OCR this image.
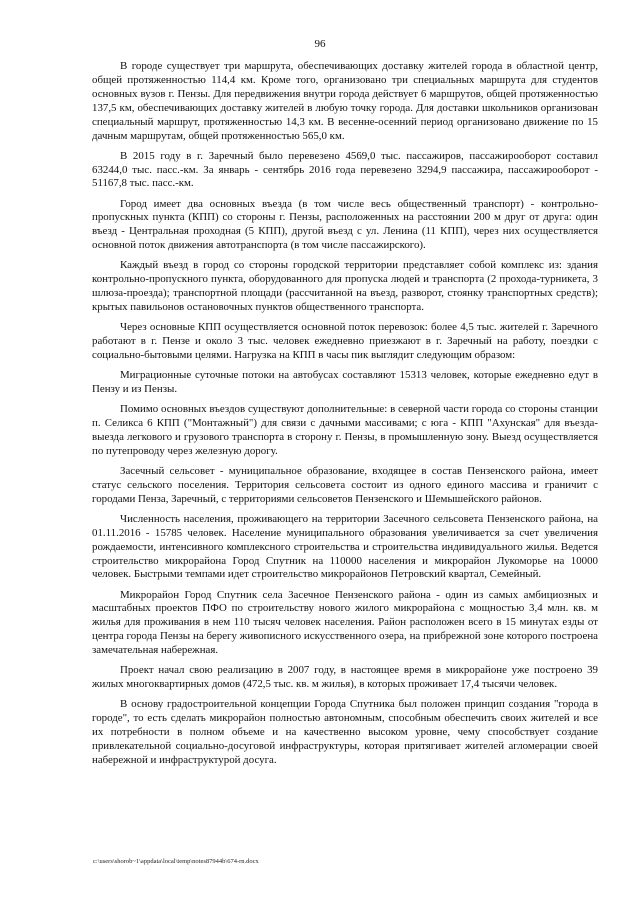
96

В городе существует три маршрута, обеспечивающих доставку жителей города в областной центр, общей протяженностью 114,4 км. Кроме того, организовано три специальных маршрута для студентов основных вузов г. Пензы. Для передвижения внутри города действует 6 маршрутов, общей протяженностью 137,5 км, обеспечивающих доставку жителей в любую точку города. Для доставки школьников организован специальный маршрут, протяженностью 14,3 км. В весенне-осенний период организовано движение по 15 дачным маршрутам, общей протяженностью 565,0 км.

В 2015 году в г. Заречный было перевезено 4569,0 тыс. пассажиров, пассажирооборот составил 63244,0 тыс. пасс.-км. За январь - сентябрь 2016 года перевезено 3294,9 пассажира, пассажирооборот - 51167,8 тыс. пасс.-км.

Город имеет два основных въезда (в том числе весь общественный транспорт) - контрольно-пропускных пункта (КПП) со стороны г. Пензы, расположенных на расстоянии 200 м друг от друга: один въезд - Центральная проходная (5 КПП), другой въезд с ул. Ленина (11 КПП), через них осуществляется основной поток движения автотранспорта (в том числе пассажирского).

Каждый въезд в город со стороны городской территории представляет собой комплекс из: здания контрольно-пропускного пункта, оборудованного для пропуска людей и транспорта (2 прохода-турникета, 3 шлюза-проезда); транспортной площади (рассчитанной на въезд, разворот, стоянку транспортных средств); крытых павильонов остановочных пунктов общественного транспорта.

Через основные КПП осуществляется основной поток перевозок: более 4,5 тыс. жителей г. Заречного работают в г. Пензе и около 3 тыс. человек ежедневно приезжают в г. Заречный на работу, поездки с социально-бытовыми целями. Нагрузка на КПП в часы пик выглядит следующим образом:

Миграционные суточные потоки на автобусах составляют 15313 человек, которые ежедневно едут в Пензу и из Пензы.

Помимо основных въездов существуют дополнительные: в северной части города со стороны станции п. Селикса 6 КПП ("Монтажный") для связи с дачными массивами; с юга - КПП "Ахунская" для въезда-выезда легкового и грузового транспорта в сторону г. Пензы, в промышленную зону. Выезд осуществляется по путепроводу через железную дорогу.

Засечный сельсовет - муниципальное образование, входящее в состав Пензенского района, имеет статус сельского поселения. Территория сельсовета состоит из одного единого массива и граничит с городами Пенза, Заречный, с территориями сельсоветов Пензенского и Шемышейского районов.

Численность населения, проживающего на территории Засечного сельсовета Пензенского района, на 01.11.2016 - 15785 человек. Население муниципального образования увеличивается за счет увеличения рождаемости, интенсивного комплексного строительства и строительства индивидуального жилья. Ведется строительство микрорайона Город Спутник на 110000 населения и микрорайон Лукоморье на 10000 человек. Быстрыми темпами идет строительство микрорайонов Петровский квартал, Семейный.

Микрорайон Город Спутник села Засечное Пензенского района - один из самых амбициозных и масштабных проектов ПФО по строительству нового жилого микрорайона с мощностью 3,4 млн. кв. м жилья для проживания в нем 110 тысяч человек населения. Район расположен всего в 15 минутах езды от центра города Пензы на берегу живописного искусственного озера, на прибрежной зоне которого построена замечательная набережная.

Проект начал свою реализацию в 2007 году, в настоящее время в микрорайоне уже построено 39 жилых многоквартирных домов (472,5 тыс. кв. м жилья), в которых проживает 17,4 тысячи человек.

В основу градостроительной концепции Города Спутника был положен принцип создания "города в городе", то есть сделать микрорайон полностью автономным, способным обеспечить своих жителей и все их потребности в полном объеме и на качественно высоком уровне, чему способствует создание привлекательной социально-досуговой инфраструктуры, которая притягивает жителей агломерации своей набережной и инфраструктурой досуга.

c:\users\shorob~1\appdata\local\temp\notes87944b\674-rn.docx
